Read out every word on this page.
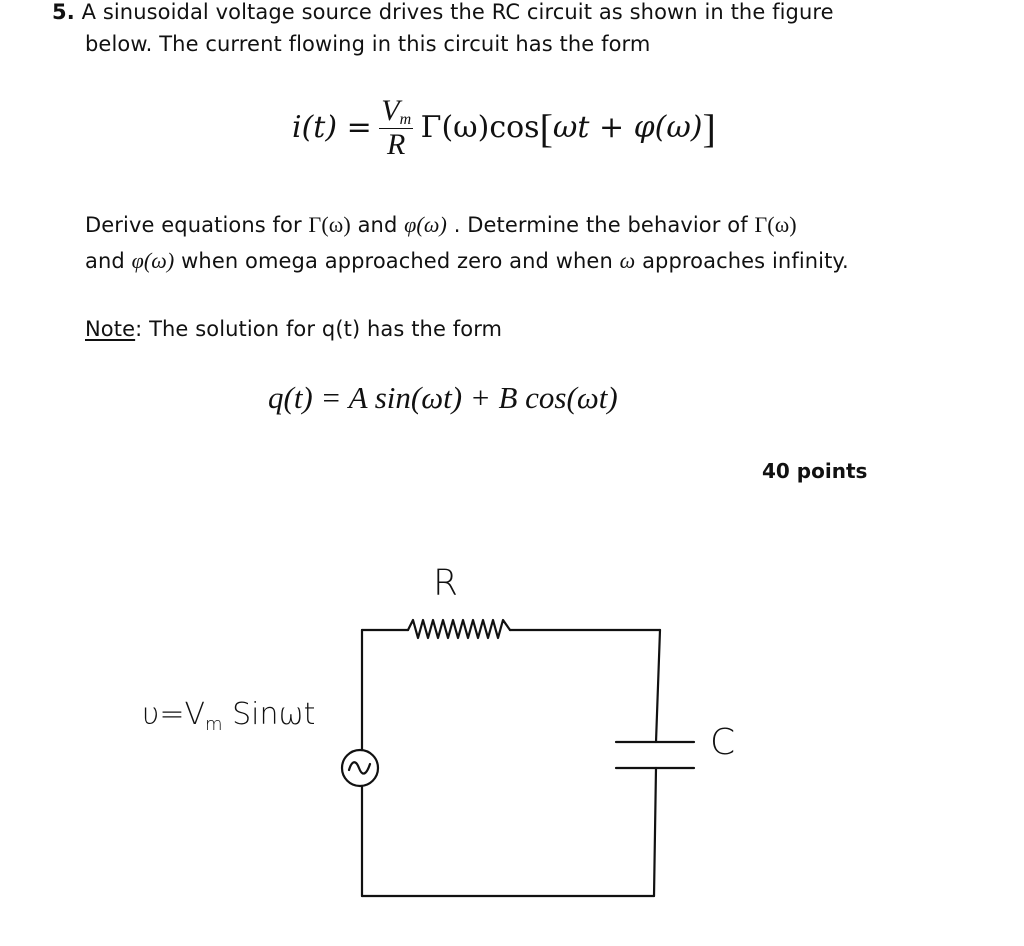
5. A sinusoidal voltage source drives the RC circuit as shown in the figure
below. The current flowing in this circuit has the form
$i(t) = \frac{V_m}{R} \Gamma(\omega)\cos[\omega t + \varphi(\omega)]$
Derive equations for Γ(ω) and φ(ω) . Determine the behavior of Γ(ω)
and φ(ω) when omega approached zero and when ω approaches infinity.
Note: The solution for q(t) has the form
q(t) = A sin(ωt) + B cos(ωt)
40 points
R
C
$\upsilon=V_m$ Sinωt
